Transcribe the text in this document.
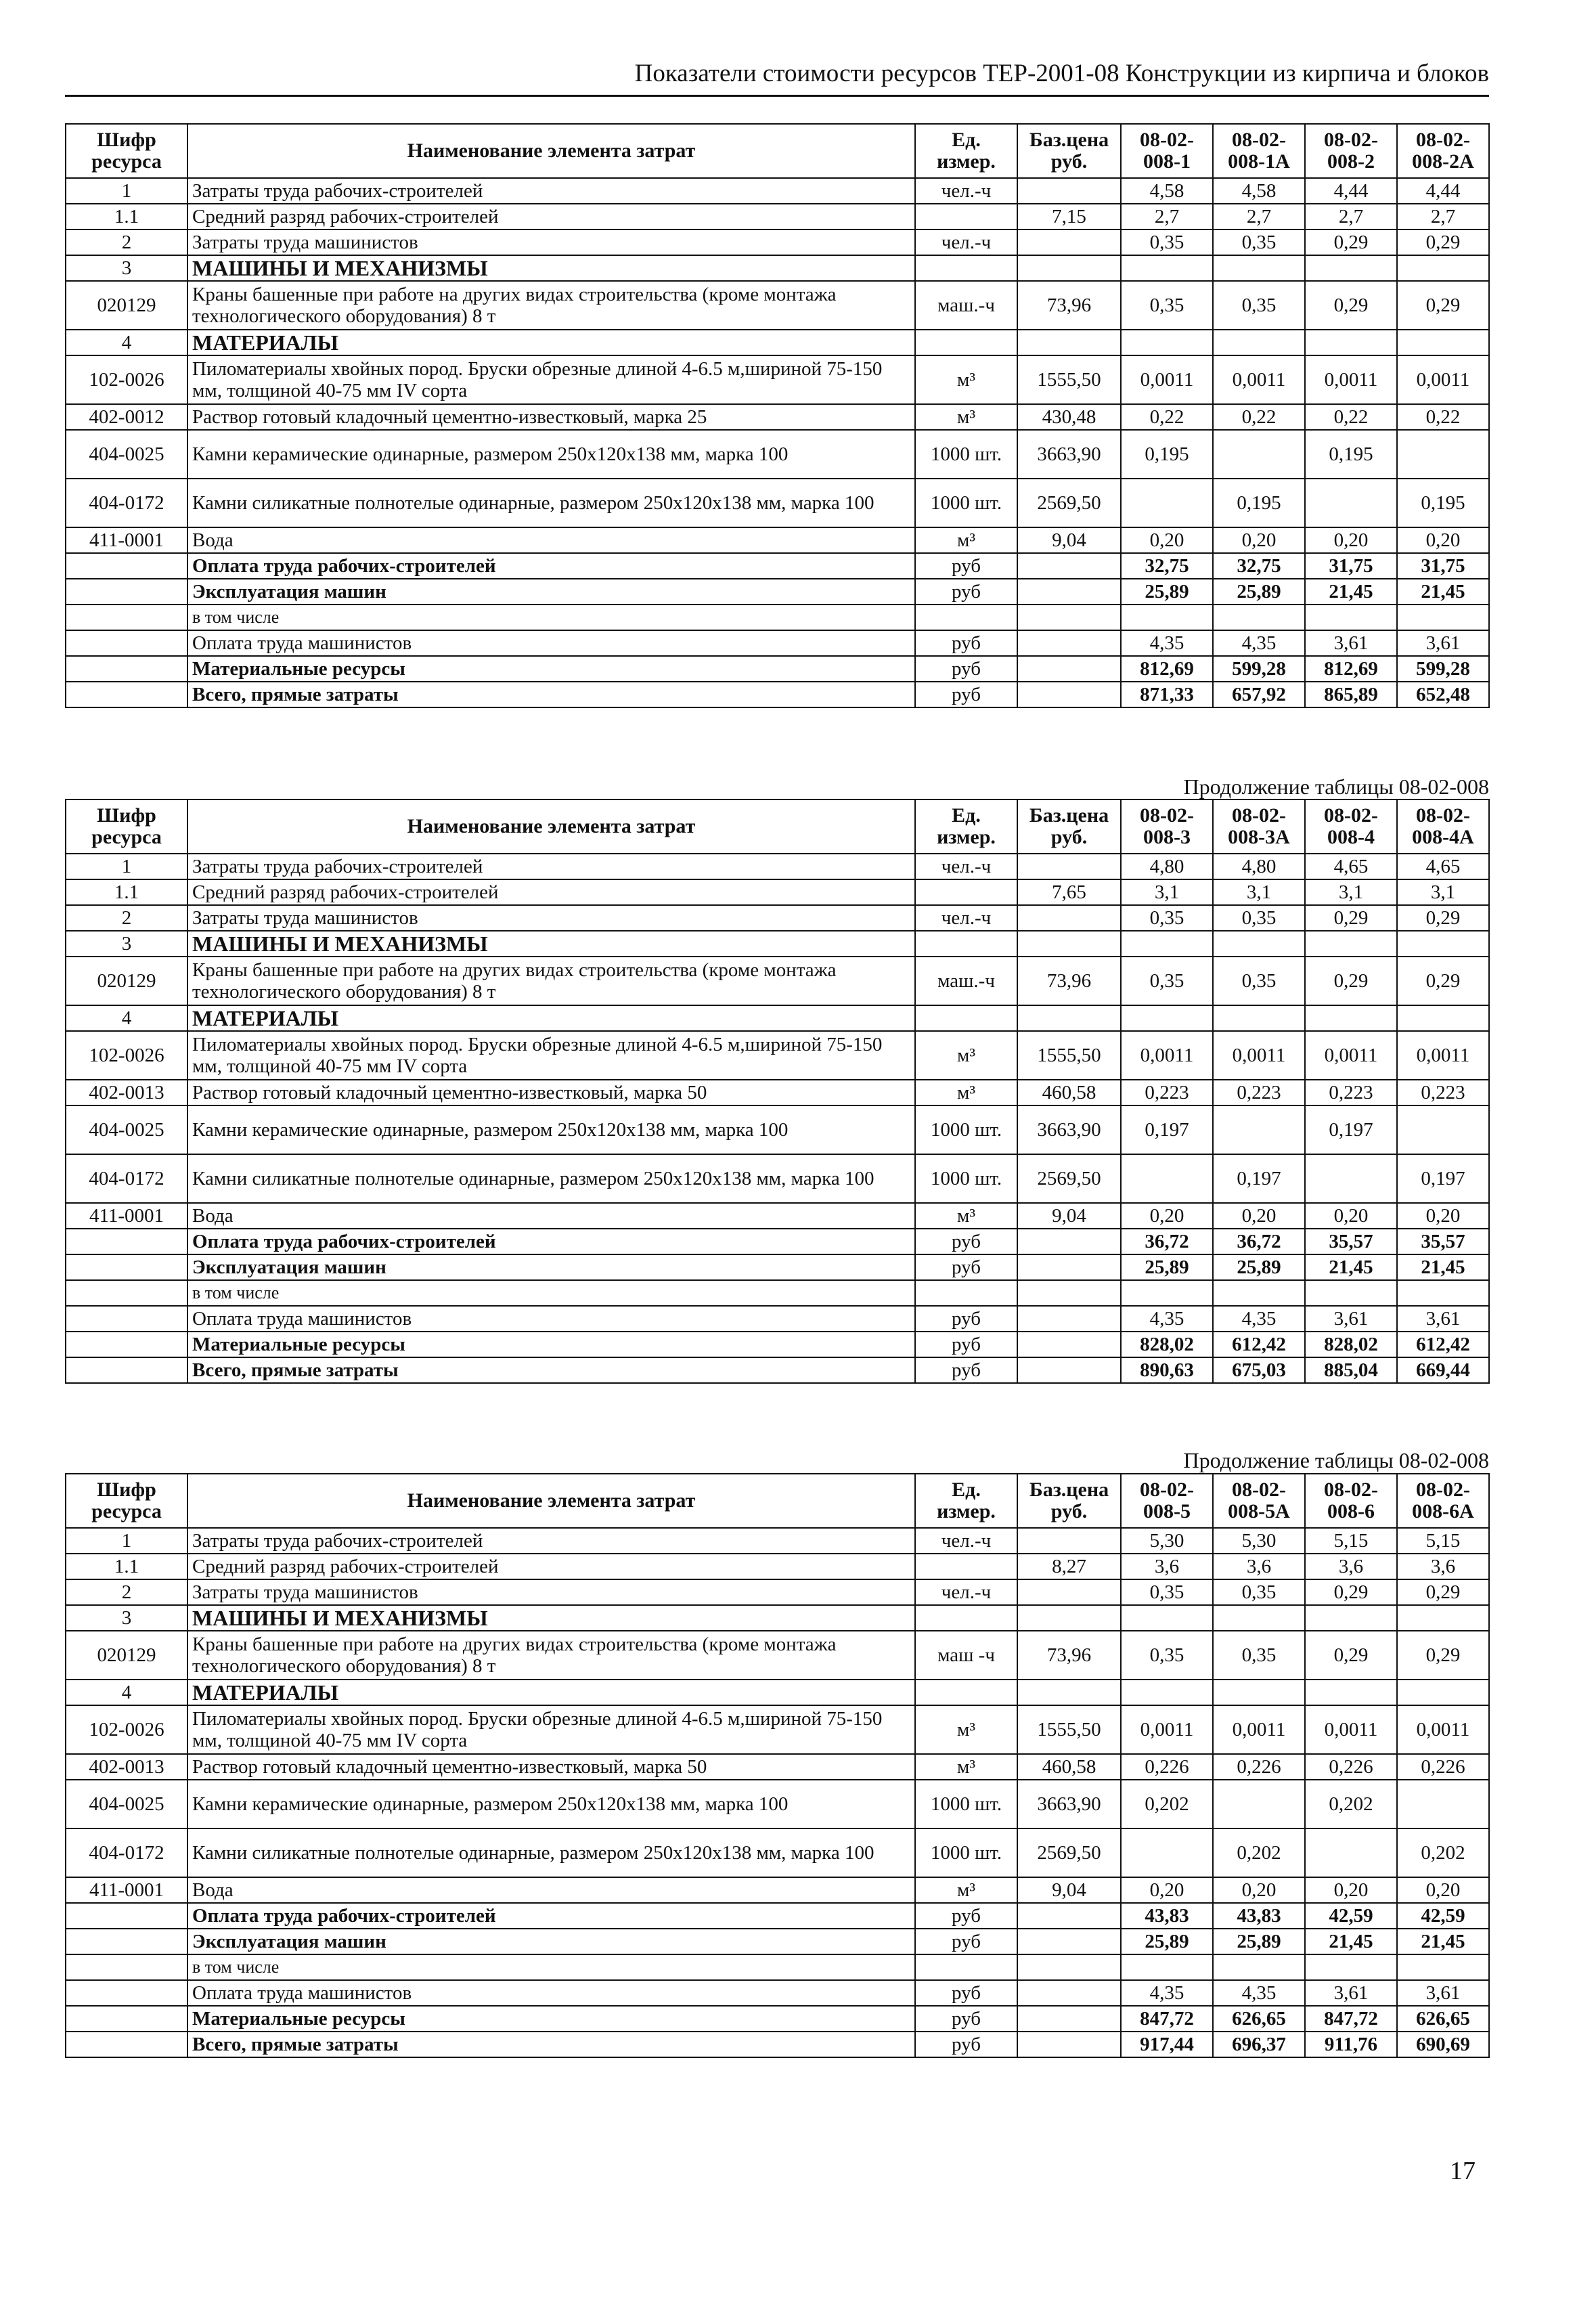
Показатели стоимости ресурсов ТЕР-2001-08 Конструкции из кирпича и блоков
Продолжение таблицы 08-02-008
Продолжение таблицы 08-02-008
Шифр ресурса	Наименование элемента затрат	Ед. измер.	Баз.цена руб.	08-02-008-1	08-02-008-1А	08-02-008-2	08-02-008-2А
1	Затраты труда рабочих-строителей	чел.-ч		4,58	4,58	4,44	4,44
1.1	Средний разряд рабочих-строителей		7,15	2,7	2,7	2,7	2,7
2	Затраты труда машинистов	чел.-ч		0,35	0,35	0,29	0,29
3	МАШИНЫ И МЕХАНИЗМЫ						
020129	Краны башенные при работе на других видах строительства (кроме монтажа технологического оборудования) 8 т	маш.-ч	73,96	0,35	0,35	0,29	0,29
4	МАТЕРИАЛЫ						
102-0026	Пиломатериалы хвойных пород. Бруски обрезные длиной 4-6.5 м,шириной 75-150 мм, толщиной 40-75 мм IV сорта	м³	1555,50	0,0011	0,0011	0,0011	0,0011
402-0012	Раствор готовый кладочный цементно-известковый, марка 25	м³	430,48	0,22	0,22	0,22	0,22
404-0025	Камни керамические одинарные, размером 250x120x138 мм, марка 100	1000 шт.	3663,90	0,195		0,195	
404-0172	Камни силикатные полнотелые одинарные, размером 250x120x138 мм, марка 100	1000 шт.	2569,50		0,195		0,195
411-0001	Вода	м³	9,04	0,20	0,20	0,20	0,20
	Оплата труда рабочих-строителей	руб		32,75	32,75	31,75	31,75
	Эксплуатация машин	руб		25,89	25,89	21,45	21,45
	в том числе						
	Оплата труда машинистов	руб		4,35	4,35	3,61	3,61
	Материальные ресурсы	руб		812,69	599,28	812,69	599,28
	Всего, прямые затраты	руб		871,33	657,92	865,89	652,48
Шифр ресурса	Наименование элемента затрат	Ед. измер.	Баз.цена руб.	08-02-008-3	08-02-008-3А	08-02-008-4	08-02-008-4А
1	Затраты труда рабочих-строителей	чел.-ч		4,80	4,80	4,65	4,65
1.1	Средний разряд рабочих-строителей		7,65	3,1	3,1	3,1	3,1
2	Затраты труда машинистов	чел.-ч		0,35	0,35	0,29	0,29
3	МАШИНЫ И МЕХАНИЗМЫ						
020129	Краны башенные при работе на других видах строительства (кроме монтажа технологического оборудования) 8 т	маш.-ч	73,96	0,35	0,35	0,29	0,29
4	МАТЕРИАЛЫ						
102-0026	Пиломатериалы хвойных пород. Бруски обрезные длиной 4-6.5 м,шириной 75-150 мм, толщиной 40-75 мм IV сорта	м³	1555,50	0,0011	0,0011	0,0011	0,0011
402-0013	Раствор готовый кладочный цементно-известковый, марка 50	м³	460,58	0,223	0,223	0,223	0,223
404-0025	Камни керамические одинарные, размером 250x120x138 мм, марка 100	1000 шт.	3663,90	0,197		0,197	
404-0172	Камни силикатные полнотелые одинарные, размером 250x120x138 мм, марка 100	1000 шт.	2569,50		0,197		0,197
411-0001	Вода	м³	9,04	0,20	0,20	0,20	0,20
	Оплата труда рабочих-строителей	руб		36,72	36,72	35,57	35,57
	Эксплуатация машин	руб		25,89	25,89	21,45	21,45
	в том числе						
	Оплата труда машинистов	руб		4,35	4,35	3,61	3,61
	Материальные ресурсы	руб		828,02	612,42	828,02	612,42
	Всего, прямые затраты	руб		890,63	675,03	885,04	669,44
Шифр ресурса	Наименование элемента затрат	Ед. измер.	Баз.цена руб.	08-02-008-5	08-02-008-5А	08-02-008-6	08-02-008-6А
1	Затраты труда рабочих-строителей	чел.-ч		5,30	5,30	5,15	5,15
1.1	Средний разряд рабочих-строителей		8,27	3,6	3,6	3,6	3,6
2	Затраты труда машинистов	чел.-ч		0,35	0,35	0,29	0,29
3	МАШИНЫ И МЕХАНИЗМЫ						
020129	Краны башенные при работе на других видах строительства (кроме монтажа технологического оборудования) 8 т	маш -ч	73,96	0,35	0,35	0,29	0,29
4	МАТЕРИАЛЫ						
102-0026	Пиломатериалы хвойных пород. Бруски обрезные длиной 4-6.5 м,шириной 75-150 мм, толщиной 40-75 мм IV сорта	м³	1555,50	0,0011	0,0011	0,0011	0,0011
402-0013	Раствор готовый кладочный цементно-известковый, марка 50	м³	460,58	0,226	0,226	0,226	0,226
404-0025	Камни керамические одинарные, размером 250x120x138 мм, марка 100	1000 шт.	3663,90	0,202		0,202	
404-0172	Камни силикатные полнотелые одинарные, размером 250x120x138 мм, марка 100	1000 шт.	2569,50		0,202		0,202
411-0001	Вода	м³	9,04	0,20	0,20	0,20	0,20
	Оплата труда рабочих-строителей	руб		43,83	43,83	42,59	42,59
	Эксплуатация машин	руб		25,89	25,89	21,45	21,45
	в том числе						
	Оплата труда машинистов	руб		4,35	4,35	3,61	3,61
	Материальные ресурсы	руб		847,72	626,65	847,72	626,65
	Всего, прямые затраты	руб		917,44	696,37	911,76	690,69
17
